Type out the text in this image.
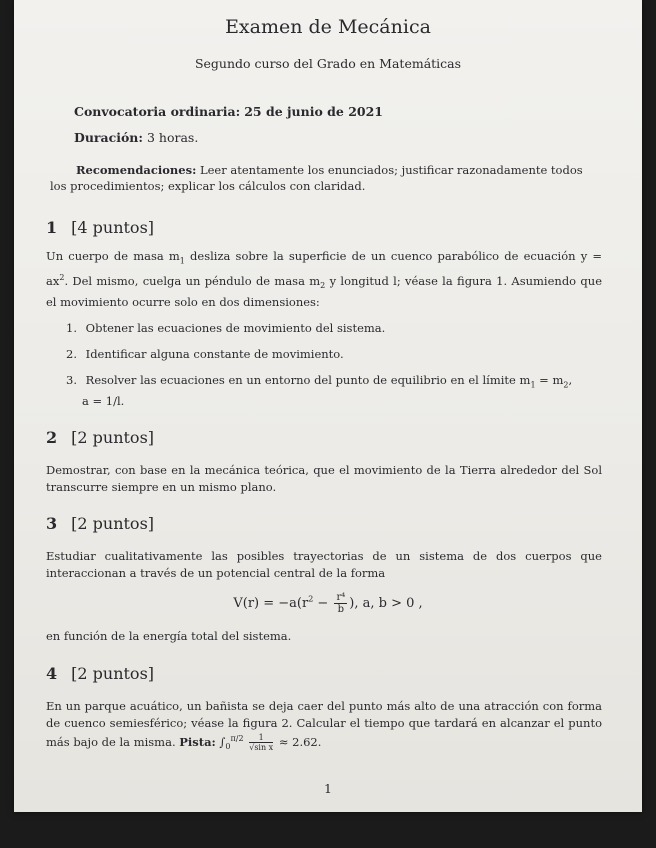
Examen de Mecánica
Segundo curso del Grado en Matemáticas
Convocatoria ordinaria: 25 de junio de 2021
Duración: 3 horas.
Recomendaciones: Leer atentamente los enunciados; justificar razonadamente todos los procedimientos; explicar los cálculos con claridad.
1 [4 puntos]
Un cuerpo de masa $m_1$ desliza sobre la superficie de un cuenco parabólico de ecuación $y = ax^2$. Del mismo, cuelga un péndulo de masa $m_2$ y longitud l; véase la figura 1. Asumiendo que el movimiento ocurre solo en dos dimensiones:
1. Obtener las ecuaciones de movimiento del sistema.
2. Identificar alguna constante de movimiento.
3. Resolver las ecuaciones en un entorno del punto de equilibrio en el límite $m_1 = m_2$,
a = 1/l.
2 [2 puntos]
Demostrar, con base en la mecánica teórica, que el movimiento de la Tierra alrededor del Sol transcurre siempre en un mismo plano.
3 [2 puntos]
Estudiar cualitativamente las posibles trayectorias de un sistema de dos cuerpos que interaccionan a través de un potencial central de la forma
$V(r) = -a(r^2 - \frac{\text{r⁴}}{b}$ ), a, b > 0 ,
en función de la energía total del sistema.
4 [2 puntos]
En un parque acuático, un bañista se deja caer del punto más alto de una atracción con forma de cuenco semiesférico; véase la figura 2. Calcular el tiempo que tardará en alcanzar el punto más bajo de la misma. Pista: $\int_0^{\pi/2} \frac{1}{\text{√sin x}} \approx 2.62$.
1
